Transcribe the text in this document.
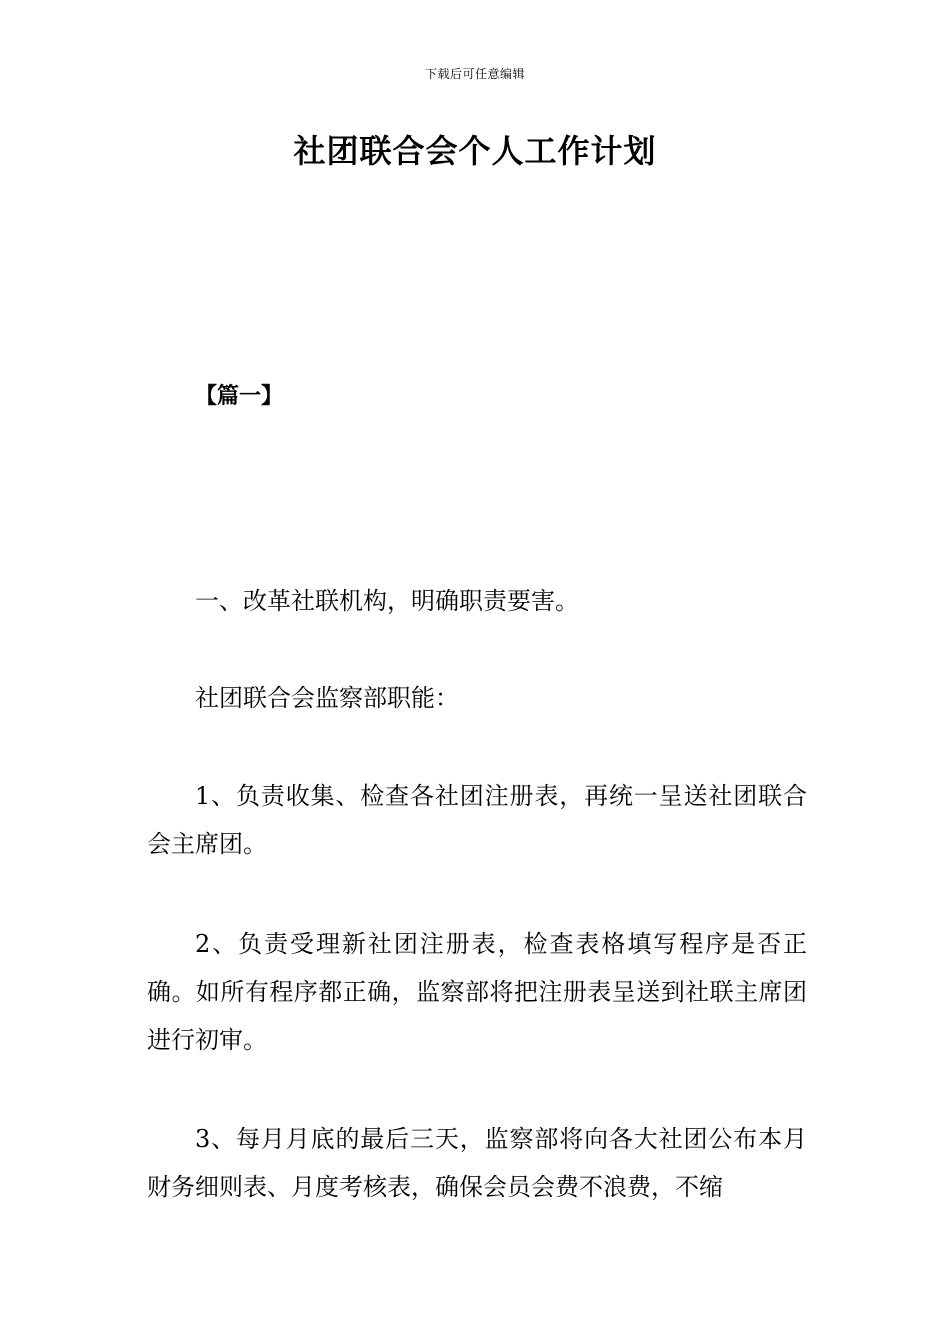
下载后可任意编辑
社团联合会个人工作计划
【篇一】

一、改革社联机构，明确职责要害。

社团联合会监察部职能：

1、负责收集、检查各社团注册表，再统一呈送社团联合会主席团。

2、负责受理新社团注册表，检查表格填写程序是否正确。如所有程序都正确，监察部将把注册表呈送到社联主席团进行初审。

3、每月月底的最后三天，监察部将向各大社团公布本月财务细则表、月度考核表，确保会员会费不浪费，不缩
